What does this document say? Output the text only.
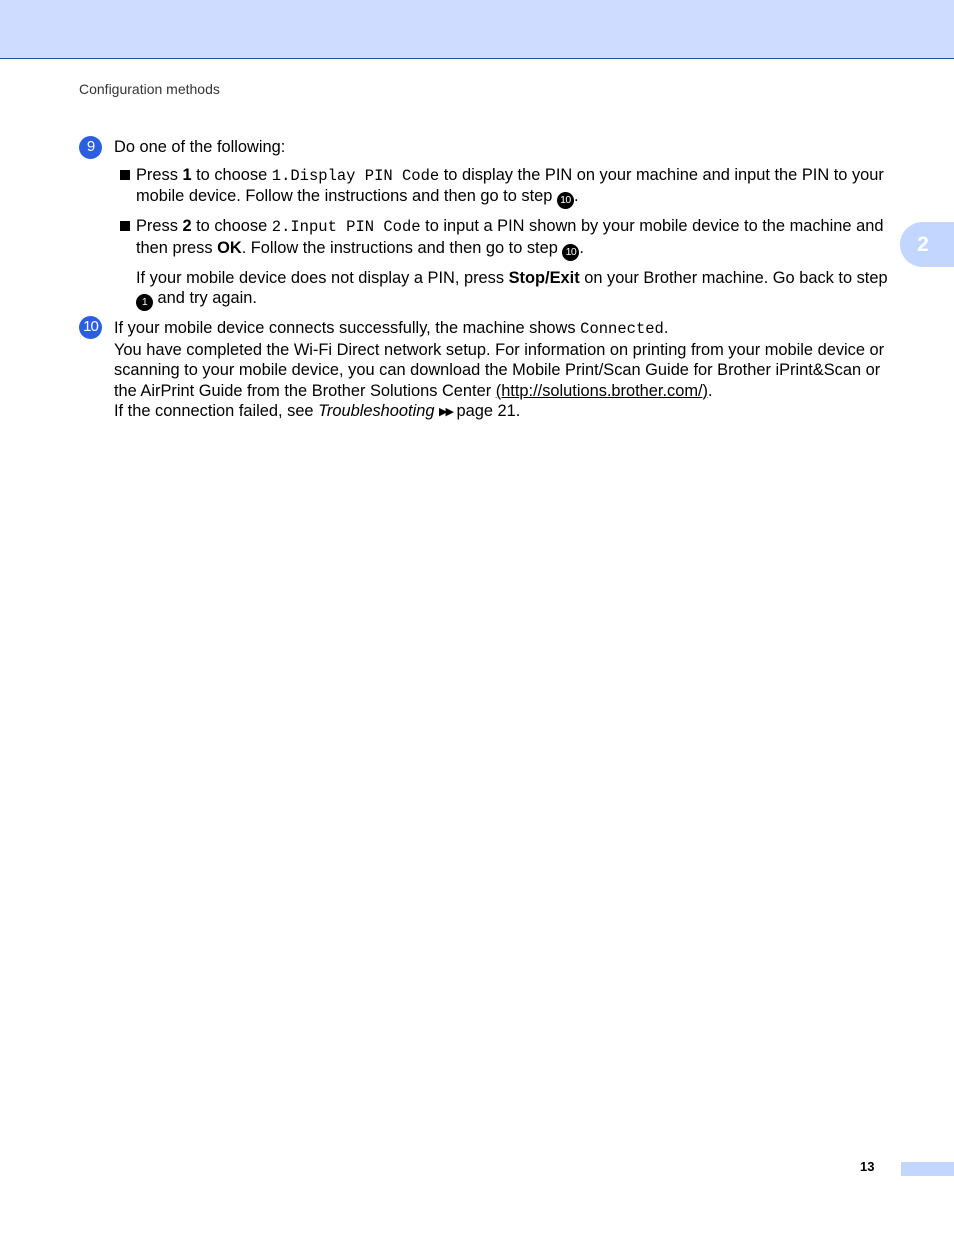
Configuration methods
2
9	Do one of the following:
Press 1 to choose 1.Display PIN Code to display the PIN on your machine and input the PIN to your mobile device. Follow the instructions and then go to step 10 .
Press 2 to choose 2.Input PIN Code to input a PIN shown by your mobile device to the machine and then press OK. Follow the instructions and then go to step 10 .
If your mobile device does not display a PIN, press Stop/Exit on your Brother machine. Go back to step 1 and try again.
10 If your mobile device connects successfully, the machine shows Connected.
You have completed the Wi-Fi Direct network setup. For information on printing from your mobile device or scanning to your mobile device, you can download the Mobile Print/Scan Guide for Brother iPrint&Scan or the AirPrint Guide from the Brother Solutions Center (http://solutions.brother.com/).
If the connection failed, see Troubleshooting ▶▶ page 21.
13
